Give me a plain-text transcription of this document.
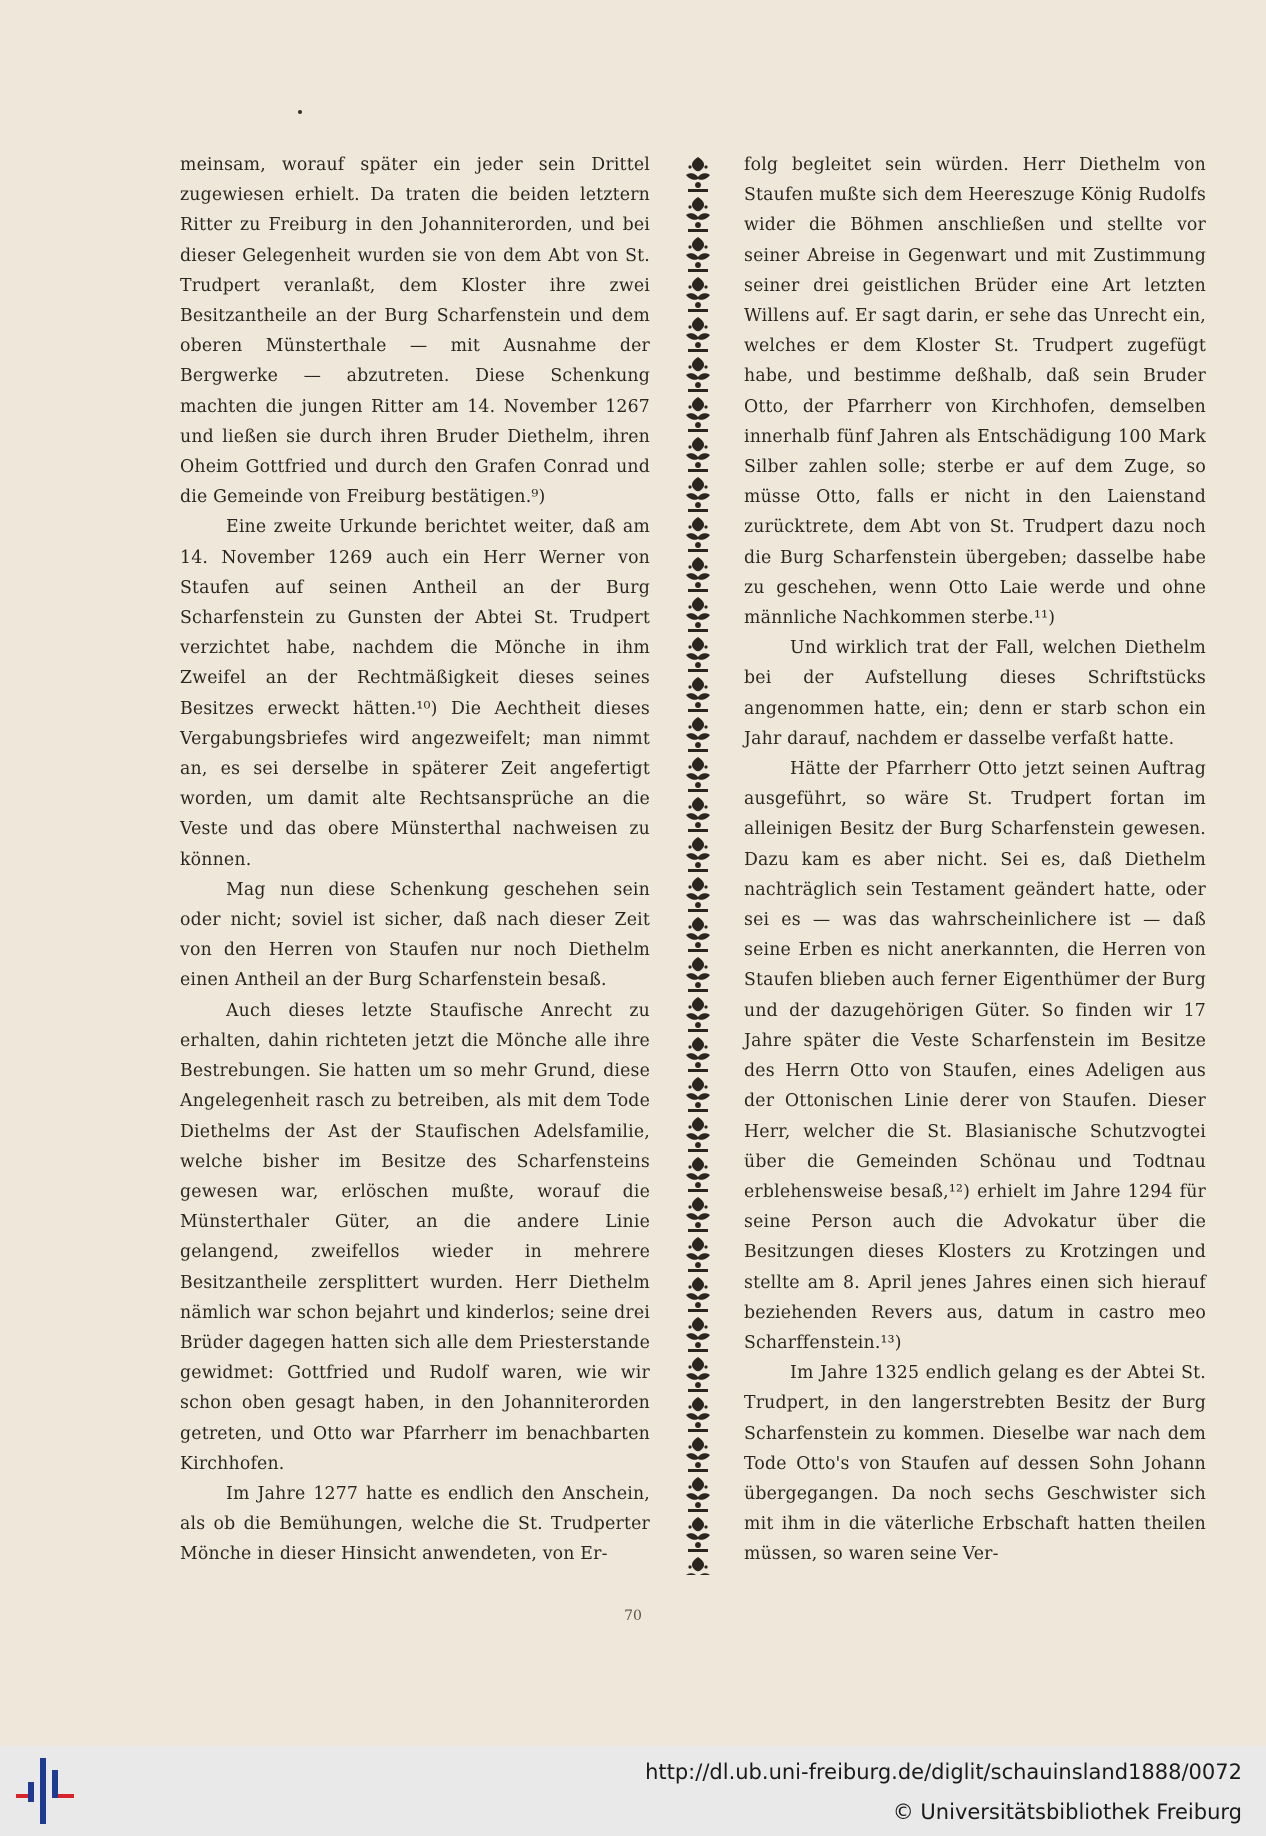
meinsam, worauf später ein jeder sein Drittel zugewiesen erhielt. Da traten die beiden letztern Ritter zu Freiburg in den Johanniterorden, und bei dieser Gelegenheit wurden sie von dem Abt von St. Trudpert veranlaßt, dem Kloster ihre zwei Besitzantheile an der Burg Scharfenstein und dem oberen Münsterthale — mit Ausnahme der Bergwerke — abzutreten. Diese Schenkung machten die jungen Ritter am 14. November 1267 und ließen sie durch ihren Bruder Diethelm, ihren Oheim Gottfried und durch den Grafen Conrad und die Gemeinde von Freiburg bestätigen.⁹)

Eine zweite Urkunde berichtet weiter, daß am 14. November 1269 auch ein Herr Werner von Staufen auf seinen Antheil an der Burg Scharfenstein zu Gunsten der Abtei St. Trudpert verzichtet habe, nachdem die Mönche in ihm Zweifel an der Rechtmäßigkeit dieses seines Besitzes erweckt hätten.¹⁰) Die Aechtheit dieses Vergabungsbriefes wird angezweifelt; man nimmt an, es sei derselbe in späterer Zeit angefertigt worden, um damit alte Rechtsansprüche an die Veste und das obere Münsterthal nachweisen zu können.

Mag nun diese Schenkung geschehen sein oder nicht; soviel ist sicher, daß nach dieser Zeit von den Herren von Staufen nur noch Diethelm einen Antheil an der Burg Scharfenstein besaß.

Auch dieses letzte Staufische Anrecht zu erhalten, dahin richteten jetzt die Mönche alle ihre Bestrebungen. Sie hatten um so mehr Grund, diese Angelegenheit rasch zu betreiben, als mit dem Tode Diethelms der Ast der Staufischen Adelsfamilie, welche bisher im Besitze des Scharfensteins gewesen war, erlöschen mußte, worauf die Münsterthaler Güter, an die andere Linie gelangend, zweifellos wieder in mehrere Besitzantheile zersplittert wurden. Herr Diethelm nämlich war schon bejahrt und kinderlos; seine drei Brüder dagegen hatten sich alle dem Priesterstande gewidmet: Gottfried und Rudolf waren, wie wir schon oben gesagt haben, in den Johanniterorden getreten, und Otto war Pfarrherr im benachbarten Kirchhofen.

Im Jahre 1277 hatte es endlich den Anschein, als ob die Bemühungen, welche die St. Trudperter Mönche in dieser Hinsicht anwendeten, von Er-

folg begleitet sein würden. Herr Diethelm von Staufen mußte sich dem Heereszuge König Rudolfs wider die Böhmen anschließen und stellte vor seiner Abreise in Gegenwart und mit Zustimmung seiner drei geistlichen Brüder eine Art letzten Willens auf. Er sagt darin, er sehe das Unrecht ein, welches er dem Kloster St. Trudpert zugefügt habe, und bestimme deßhalb, daß sein Bruder Otto, der Pfarrherr von Kirchhofen, demselben innerhalb fünf Jahren als Entschädigung 100 Mark Silber zahlen solle; sterbe er auf dem Zuge, so müsse Otto, falls er nicht in den Laienstand zurücktrete, dem Abt von St. Trudpert dazu noch die Burg Scharfenstein übergeben; dasselbe habe zu geschehen, wenn Otto Laie werde und ohne männliche Nachkommen sterbe.¹¹)

Und wirklich trat der Fall, welchen Diethelm bei der Aufstellung dieses Schriftstücks angenommen hatte, ein; denn er starb schon ein Jahr darauf, nachdem er dasselbe verfaßt hatte.

Hätte der Pfarrherr Otto jetzt seinen Auftrag ausgeführt, so wäre St. Trudpert fortan im alleinigen Besitz der Burg Scharfenstein gewesen. Dazu kam es aber nicht. Sei es, daß Diethelm nachträglich sein Testament geändert hatte, oder sei es — was das wahrscheinlichere ist — daß seine Erben es nicht anerkannten, die Herren von Staufen blieben auch ferner Eigenthümer der Burg und der dazugehörigen Güter. So finden wir 17 Jahre später die Veste Scharfenstein im Besitze des Herrn Otto von Staufen, eines Adeligen aus der Ottonischen Linie derer von Staufen. Dieser Herr, welcher die St. Blasianische Schutzvogtei über die Gemeinden Schönau und Todtnau erblehensweise besaß,¹²) erhielt im Jahre 1294 für seine Person auch die Advokatur über die Besitzungen dieses Klosters zu Krotzingen und stellte am 8. April jenes Jahres einen sich hierauf beziehenden Revers aus, datum in castro meo Scharffenstein.¹³)

Im Jahre 1325 endlich gelang es der Abtei St. Trudpert, in den langerstrebten Besitz der Burg Scharfenstein zu kommen. Dieselbe war nach dem Tode Otto's von Staufen auf dessen Sohn Johann übergegangen. Da noch sechs Geschwister sich mit ihm in die väterliche Erbschaft hatten theilen müssen, so waren seine Ver-

70
http://dl.ub.uni-freiburg.de/diglit/schauinsland1888/0072
© Universitätsbibliothek Freiburg
